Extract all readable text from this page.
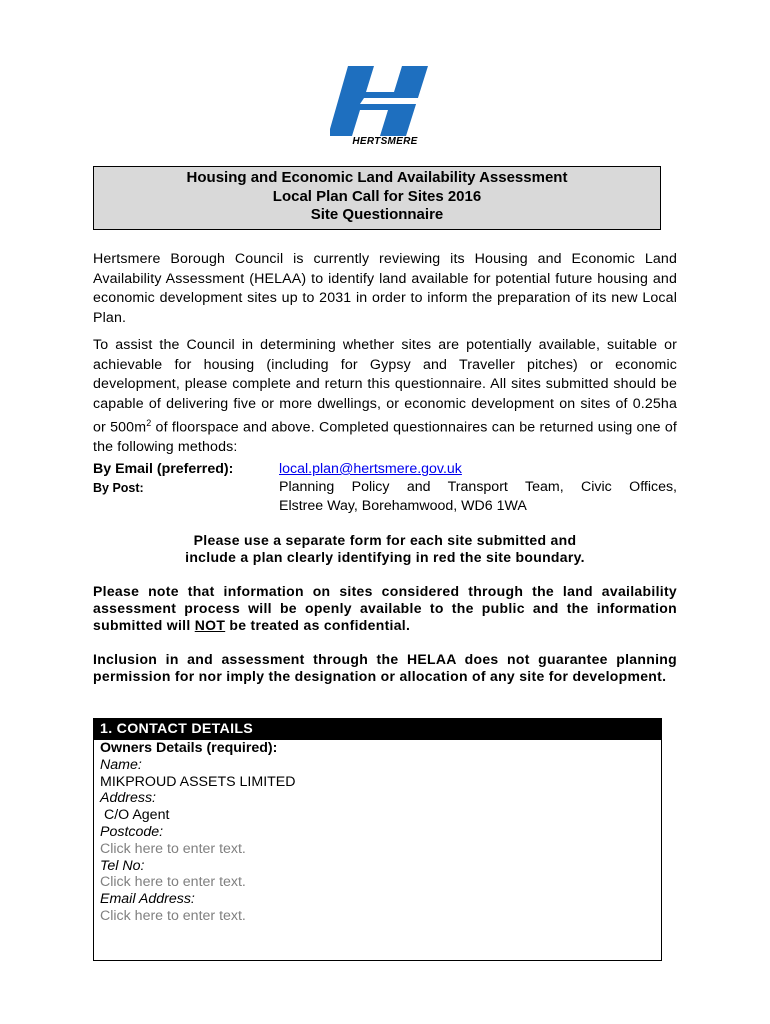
HERTSMERE
Housing and Economic Land Availability Assessment
Local Plan Call for Sites 2016
Site Questionnaire
Hertsmere Borough Council is currently reviewing its Housing and Economic Land Availability Assessment (HELAA) to identify land available for potential future housing and economic development sites up to 2031 in order to inform the preparation of its new Local Plan.
To assist the Council in determining whether sites are potentially available, suitable or achievable for housing (including for Gypsy and Traveller pitches) or economic development, please complete and return this questionnaire. All sites submitted should be capable of delivering five or more dwellings, or economic development on sites of 0.25ha or $500m^2$ of floorspace and above. Completed questionnaires can be returned using one of the following methods:
By Email (preferred):	local.plan@hertsmere.gov.uk
By Post:	Planning Policy and Transport Team, Civic Offices,
Elstree Way, Borehamwood, WD6 1WA
Please use a separate form for each site submitted and
include a plan clearly identifying in red the site boundary.
Please note that information on sites considered through the land availability assessment process will be openly available to the public and the information submitted will NOT be treated as confidential.
Inclusion in and assessment through the HELAA does not guarantee planning permission for nor imply the designation or allocation of any site for development.
1. CONTACT DETAILS
Owners Details (required):
Name:
MIKPROUD ASSETS LIMITED
Address:
C/O Agent
Postcode:
Click here to enter text.
Tel No:
Click here to enter text.
Email Address:
Click here to enter text.
